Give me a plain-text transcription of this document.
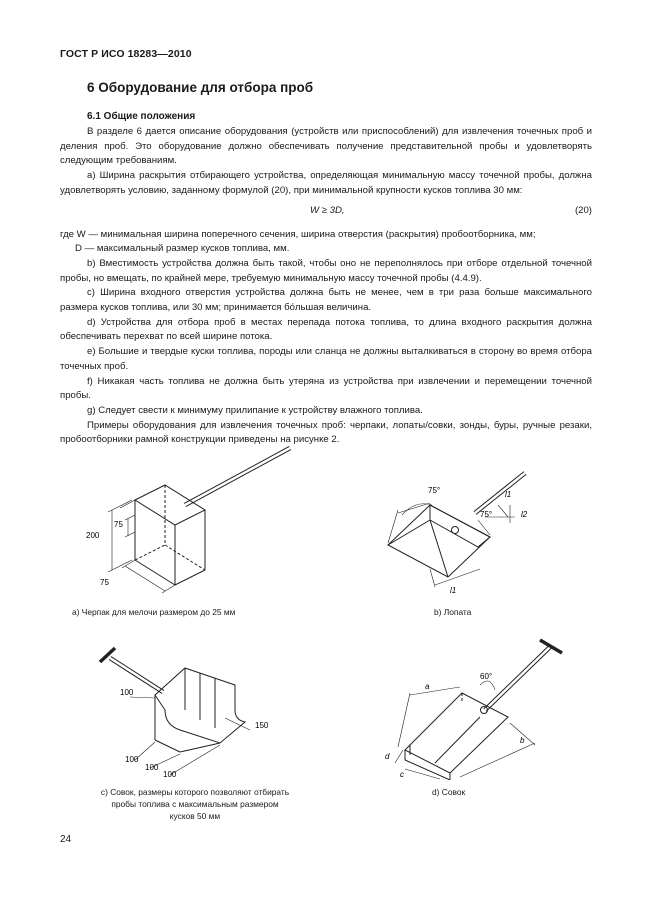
ГОСТ Р ИСО 18283—2010
6 Оборудование для отбора проб
6.1 Общие положения

В разделе 6 дается описание оборудования (устройств или приспособлений) для извлечения точечных проб и деления проб. Это оборудование должно обеспечивать получение представительной пробы и удовлетворять следующим требованиям.

а) Ширина раскрытия отбирающего устройства, определяющая минимальную массу точечной пробы, должна удовлетворять условию, заданному формулой (20), при минимальной крупности кусков топлива 30 мм:

W ≥ 3D,	(20)

где W — минимальная ширина поперечного сечения, ширина отверстия (раскрытия) пробоотборника, мм;

D — максимальный размер кусков топлива, мм.

b) Вместимость устройства должна быть такой, чтобы оно не переполнялось при отборе отдельной точечной пробы, но вмещать, по крайней мере, требуемую минимальную массу точечной пробы (4.4.9).

c) Ширина входного отверстия устройства должна быть не менее, чем в три раза больше максимального размера кусков топлива, или 30 мм; принимается бо́льшая величина.

d) Устройства для отбора проб в местах перепада потока топлива, то длина входного раскрытия должна обеспечивать перехват по всей ширине потока.

e) Большие и твердые куски топлива, породы или сланца не должны выталкиваться в сторону во время отбора точечных проб.

f) Никакая часть топлива не должна быть утеряна из устройства при извлечении и перемещении точечной пробы.

g) Следует свести к минимуму прилипание к устройству влажного топлива.

Примеры оборудования для извлечения точечных проб: черпаки, лопаты/совки, зонды, буры, ручные резаки, пробоотборники рамной конструкции приведены на рисунке 2.

200
75
75
а) Черпак для мелочи размером до 25 мм
75°
75°
l1
l2
l1
b) Лопата
100
150
100
100
100
c) Совок, размеры которого позволяют отбирать
пробы топлива с максимальным размером
кусков 50 мм
a
60°
b
d
c
d) Совок
24
